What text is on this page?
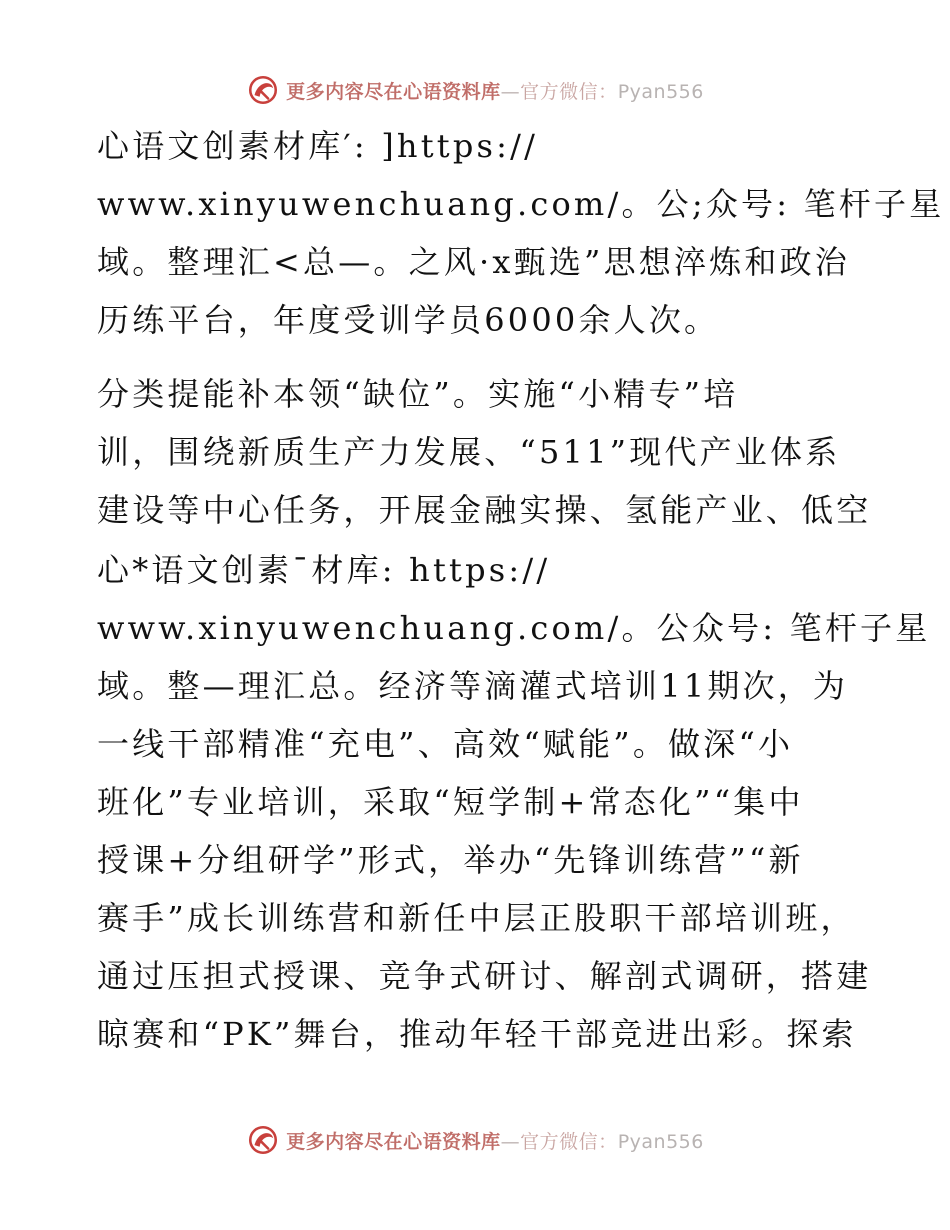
更多内容尽在心语资料库—官方微信：Pyan556
心语文创素材库′: ]https://
www.xinyuwenchuang.com/。公;众号: 笔杆子星
域。整理汇<总—。之风·x甄选”思想淬炼和政治
历练平台，年度受训学员6000余人次。
分类提能补本领“缺位”。实施“小精专”培
训，围绕新质生产力发展、“511”现代产业体系
建设等中心任务，开展金融实操、氢能产业、低空
心*语文创素¯材库: https://
www.xinyuwenchuang.com/。公众号: 笔杆子星
域。整—理汇总。经济等滴灌式培训11期次，为
一线干部精准“充电”、高效“赋能”。做深“小
班化”专业培训，采取“短学制+常态化”“集中
授课+分组研学”形式，举办“先锋训练营”“新
赛手”成长训练营和新任中层正股职干部培训班，
通过压担式授课、竞争式研讨、解剖式调研，搭建
晾赛和“PK”舞台，推动年轻干部竞进出彩。探索
更多内容尽在心语资料库—官方微信：Pyan556
